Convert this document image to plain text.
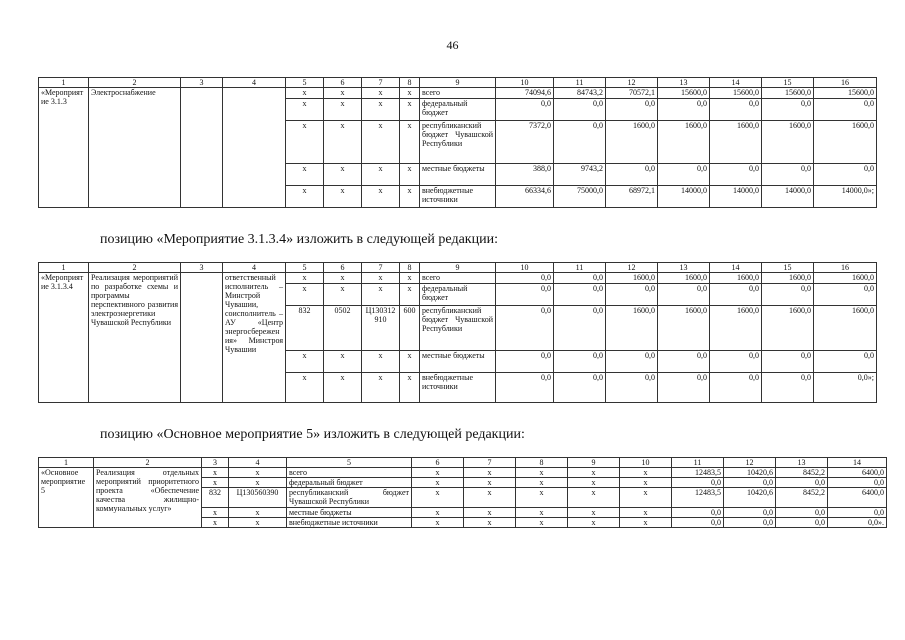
46
1	2	3	4	5	6	7	8	9	10	11	12	13	14	15	16
«Мероприятие 3.1.3	Электроснабжение			x	x	x	x	всего	74094,6	84743,2	70572,1	15600,0	15600,0	15600,0	15600,0
				x	x	x	x	федеральный бюджет	0,0	0,0	0,0	0,0	0,0	0,0	0,0
				x	x	x	x	республиканский бюджет Чувашской Республики	7372,0	0,0	1600,0	1600,0	1600,0	1600,0	1600,0
				x	x	x	x	местные бюджеты	388,0	9743,2	0,0	0,0	0,0	0,0	0,0
				x	x	x	x	внебюджетные источники	66334,6	75000,0	68972,1	14000,0	14000,0	14000,0	14000,0»;
позицию «Мероприятие 3.1.3.4» изложить в следующей редакции:
1	2	3	4	5	6	7	8	9	10	11	12	13	14	15	16
«Мероприятие 3.1.3.4	Реализация мероприятий по разработке схемы и программы перспективного развития электроэнергетики Чувашской Республики		ответственный исполнитель – Минстрой Чувашии, соисполнитель – АУ «Центр энергосбережения» Минстроя Чувашии	x	x	x	x	всего	0,0	0,0	1600,0	1600,0	1600,0	1600,0	1600,0
				x	x	x	x	федеральный бюджет	0,0	0,0	0,0	0,0	0,0	0,0	0,0
				832	0502	Ц130312910	600	республиканский бюджет Чувашской Республики	0,0	0,0	1600,0	1600,0	1600,0	1600,0	1600,0
				x	x	x	x	местные бюджеты	0,0	0,0	0,0	0,0	0,0	0,0	0,0
				x	x	x	x	внебюджетные источники	0,0	0,0	0,0	0,0	0,0	0,0	0,0»;
позицию «Основное мероприятие 5» изложить в следующей редакции:
1	2	3	4	5	6	7	8	9	10	11	12	13	14
«Основное мероприятие 5	Реализация отдельных мероприятий приоритетного проекта «Обеспечение качества жилищно-коммунальных услуг»	x	x	всего	x	x	x	x	x	12483,5	10420,6	8452,2	6400,0
		x	x	федеральный бюджет	x	x	x	x	x	0,0	0,0	0,0	0,0
		832	Ц130560390	республиканский бюджет Чувашской Республики	x	x	x	x	x	12483,5	10420,6	8452,2	6400,0
		x	x	местные бюджеты	x	x	x	x	x	0,0	0,0	0,0	0,0
		x	x	внебюджетные источники	x	x	x	x	x	0,0	0,0	0,0	0,0».
